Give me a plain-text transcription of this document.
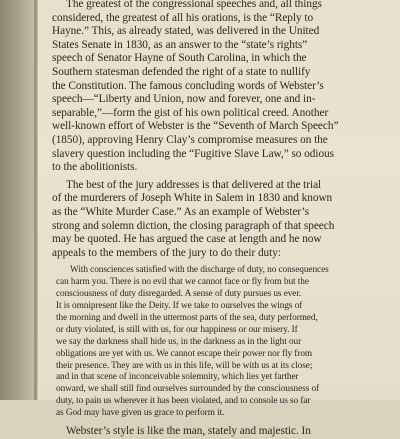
The greatest of the congressional speeches and, all things
considered, the greatest of all his orations, is the “Reply to
Hayne.” This, as already stated, was delivered in the United
States Senate in 1830, as an answer to the “state’s rights”
speech of Senator Hayne of South Carolina, in which the
Southern statesman defended the right of a state to nullify
the Constitution. The famous concluding words of Webster’s
speech—“Liberty and Union, now and forever, one and in-
separable,”—form the gist of his own political creed. Another
well-known effort of Webster is the “Seventh of March Speech”
(1850), approving Henry Clay’s compromise measures on the
slavery question including the “Fugitive Slave Law,” so odious
to the abolitionists.
The best of the jury addresses is that delivered at the trial
of the murderers of Joseph White in Salem in 1830 and known
as the “White Murder Case.” As an example of Webster’s
strong and solemn diction, the closing paragraph of that speech
may be quoted. He has argued the case at length and he now
appeals to the members of the jury to do their duty:
With consciences satisfied with the discharge of duty, no consequences
can harm you. There is no evil that we cannot face or fly from but the
consciousness of duty disregarded. A sense of duty pursues us ever.
It is omnipresent like the Deity. If we take to ourselves the wings of
the morning and dwell in the uttermost parts of the sea, duty performed,
or duty violated, is still with us, for our happiness or our misery. If
we say the darkness shall hide us, in the darkness as in the light our
obligations are yet with us. We cannot escape their power nor fly from
their presence. They are with us in this life, will be with us at its close;
and in that scene of inconceivable solemnity, which lies yet farther
onward, we shall still find ourselves surrounded by the consciousness of
duty, to pain us wherever it has been violated, and to console us so far
as God may have given us grace to perform it.
Webster’s style is like the man, stately and majestic. In
